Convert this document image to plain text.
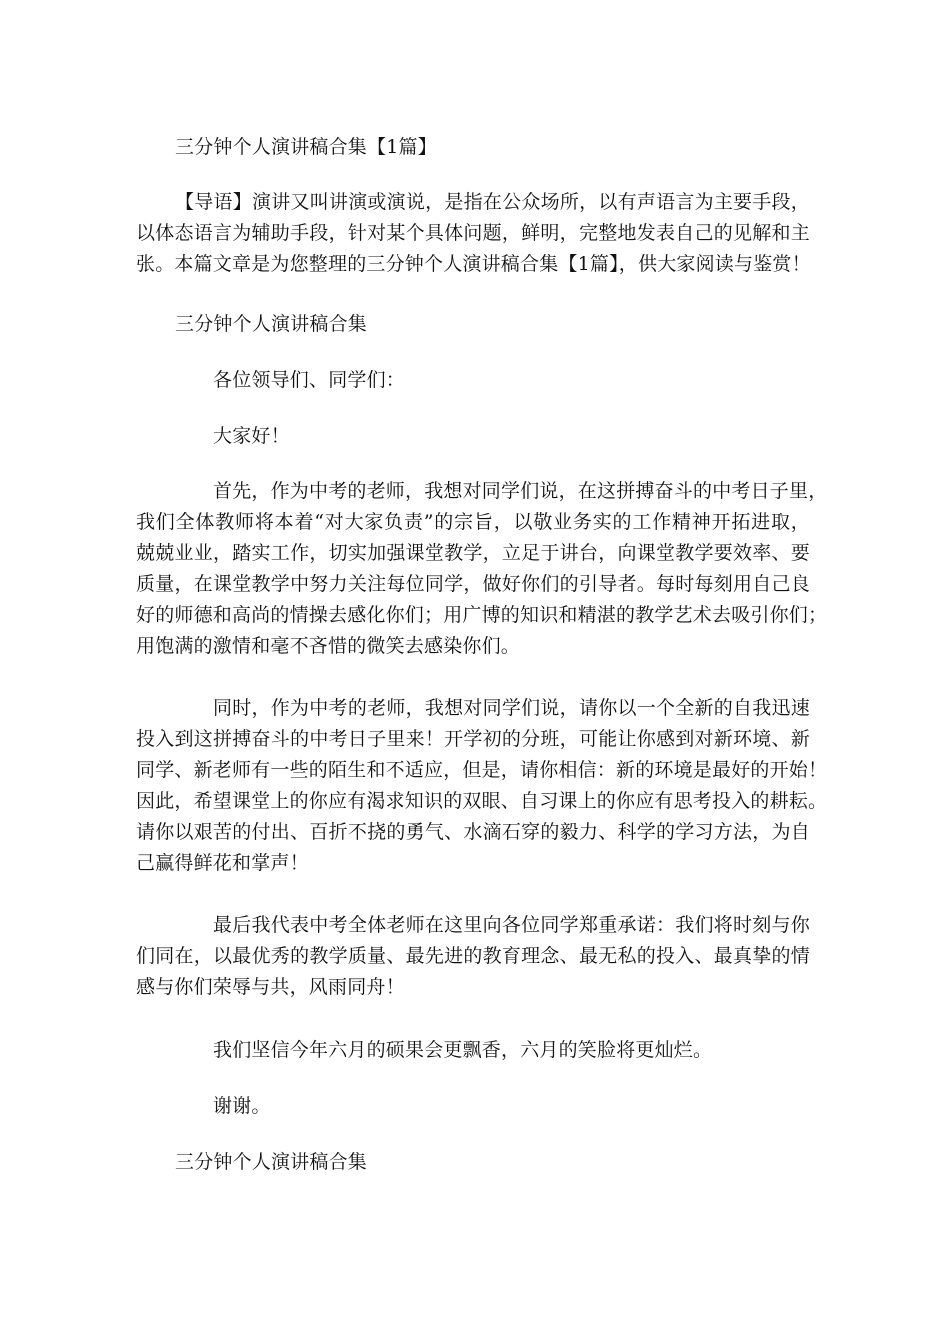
三分钟个人演讲稿合集【1篇】
【导语】演讲又叫讲演或演说，是指在公众场所，以有声语言为主要手段，
以体态语言为辅助手段，针对某个具体问题，鲜明，完整地发表自己的见解和主
张。本篇文章是为您整理的三分钟个人演讲稿合集【1篇】，供大家阅读与鉴赏！
三分钟个人演讲稿合集
各位领导们、同学们：
大家好！
首先，作为中考的老师，我想对同学们说，在这拼搏奋斗的中考日子里，
我们全体教师将本着“对大家负责”的宗旨，以敬业务实的工作精神开拓进取，
兢兢业业，踏实工作，切实加强课堂教学，立足于讲台，向课堂教学要效率、要
质量，在课堂教学中努力关注每位同学，做好你们的引导者。每时每刻用自己良
好的师德和高尚的情操去感化你们；用广博的知识和精湛的教学艺术去吸引你们；
用饱满的激情和毫不吝惜的微笑去感染你们。
同时，作为中考的老师，我想对同学们说，请你以一个全新的自我迅速
投入到这拼搏奋斗的中考日子里来！开学初的分班，可能让你感到对新环境、新
同学、新老师有一些的陌生和不适应，但是，请你相信：新的环境是最好的开始！
因此，希望课堂上的你应有渴求知识的双眼、自习课上的你应有思考投入的耕耘。
请你以艰苦的付出、百折不挠的勇气、水滴石穿的毅力、科学的学习方法，为自
己赢得鲜花和掌声！
最后我代表中考全体老师在这里向各位同学郑重承诺：我们将时刻与你
们同在，以最优秀的教学质量、最先进的教育理念、最无私的投入、最真挚的情
感与你们荣辱与共，风雨同舟！
我们坚信今年六月的硕果会更飘香，六月的笑脸将更灿烂。
谢谢。
三分钟个人演讲稿合集
